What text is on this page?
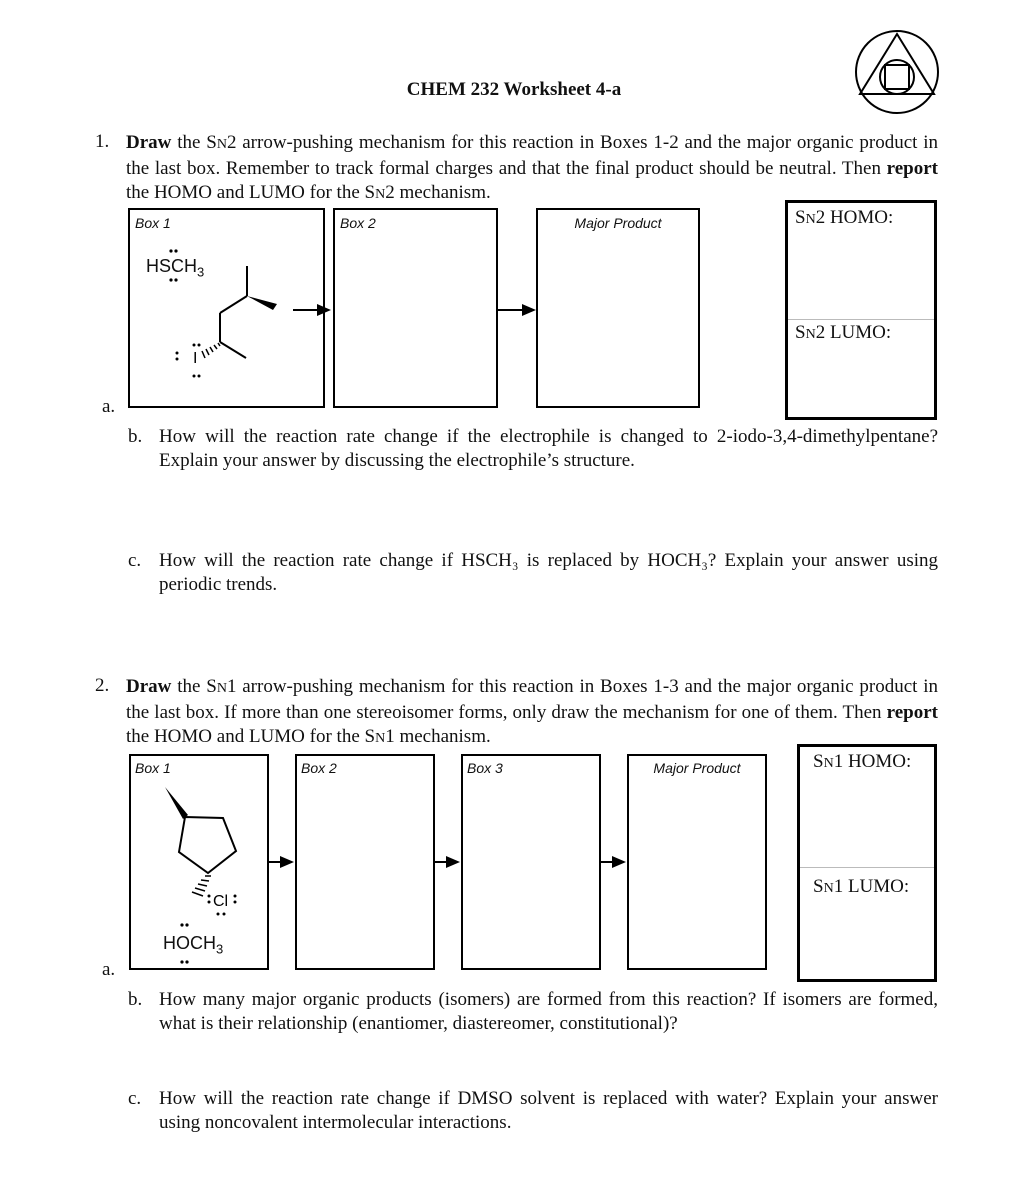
CHEM 232 Worksheet 4-a
1. Draw the SN2 arrow-pushing mechanism for this reaction in Boxes 1-2 and the major organic product in the last box. Remember to track formal charges and that the final product should be neutral. Then report the HOMO and LUMO for the SN2 mechanism.
Box 1
$HSCH_3$
I
Box 2	Major Product	SN2 HOMO:
SN2 LUMO:
a.
b. How will the reaction rate change if the electrophile is changed to 2-iodo-3,4-dimethylpentane? Explain your answer by discussing the electrophile’s structure.
c. How will the reaction rate change if HSCH₃ is replaced by HOCH₃? Explain your answer using periodic trends.
2. Draw the SN1 arrow-pushing mechanism for this reaction in Boxes 1-3 and the major organic product in the last box. If more than one stereoisomer forms, only draw the mechanism for one of them. Then report the HOMO and LUMO for the SN1 mechanism.
Box 1
Cl
$HOCH_3$
Box 2	Box 3	Major Product	SN1 HOMO:
SN1 LUMO:
a.
b. How many major organic products (isomers) are formed from this reaction? If isomers are formed, what is their relationship (enantiomer, diastereomer, constitutional)?
c. How will the reaction rate change if DMSO solvent is replaced with water? Explain your answer using noncovalent intermolecular interactions.
